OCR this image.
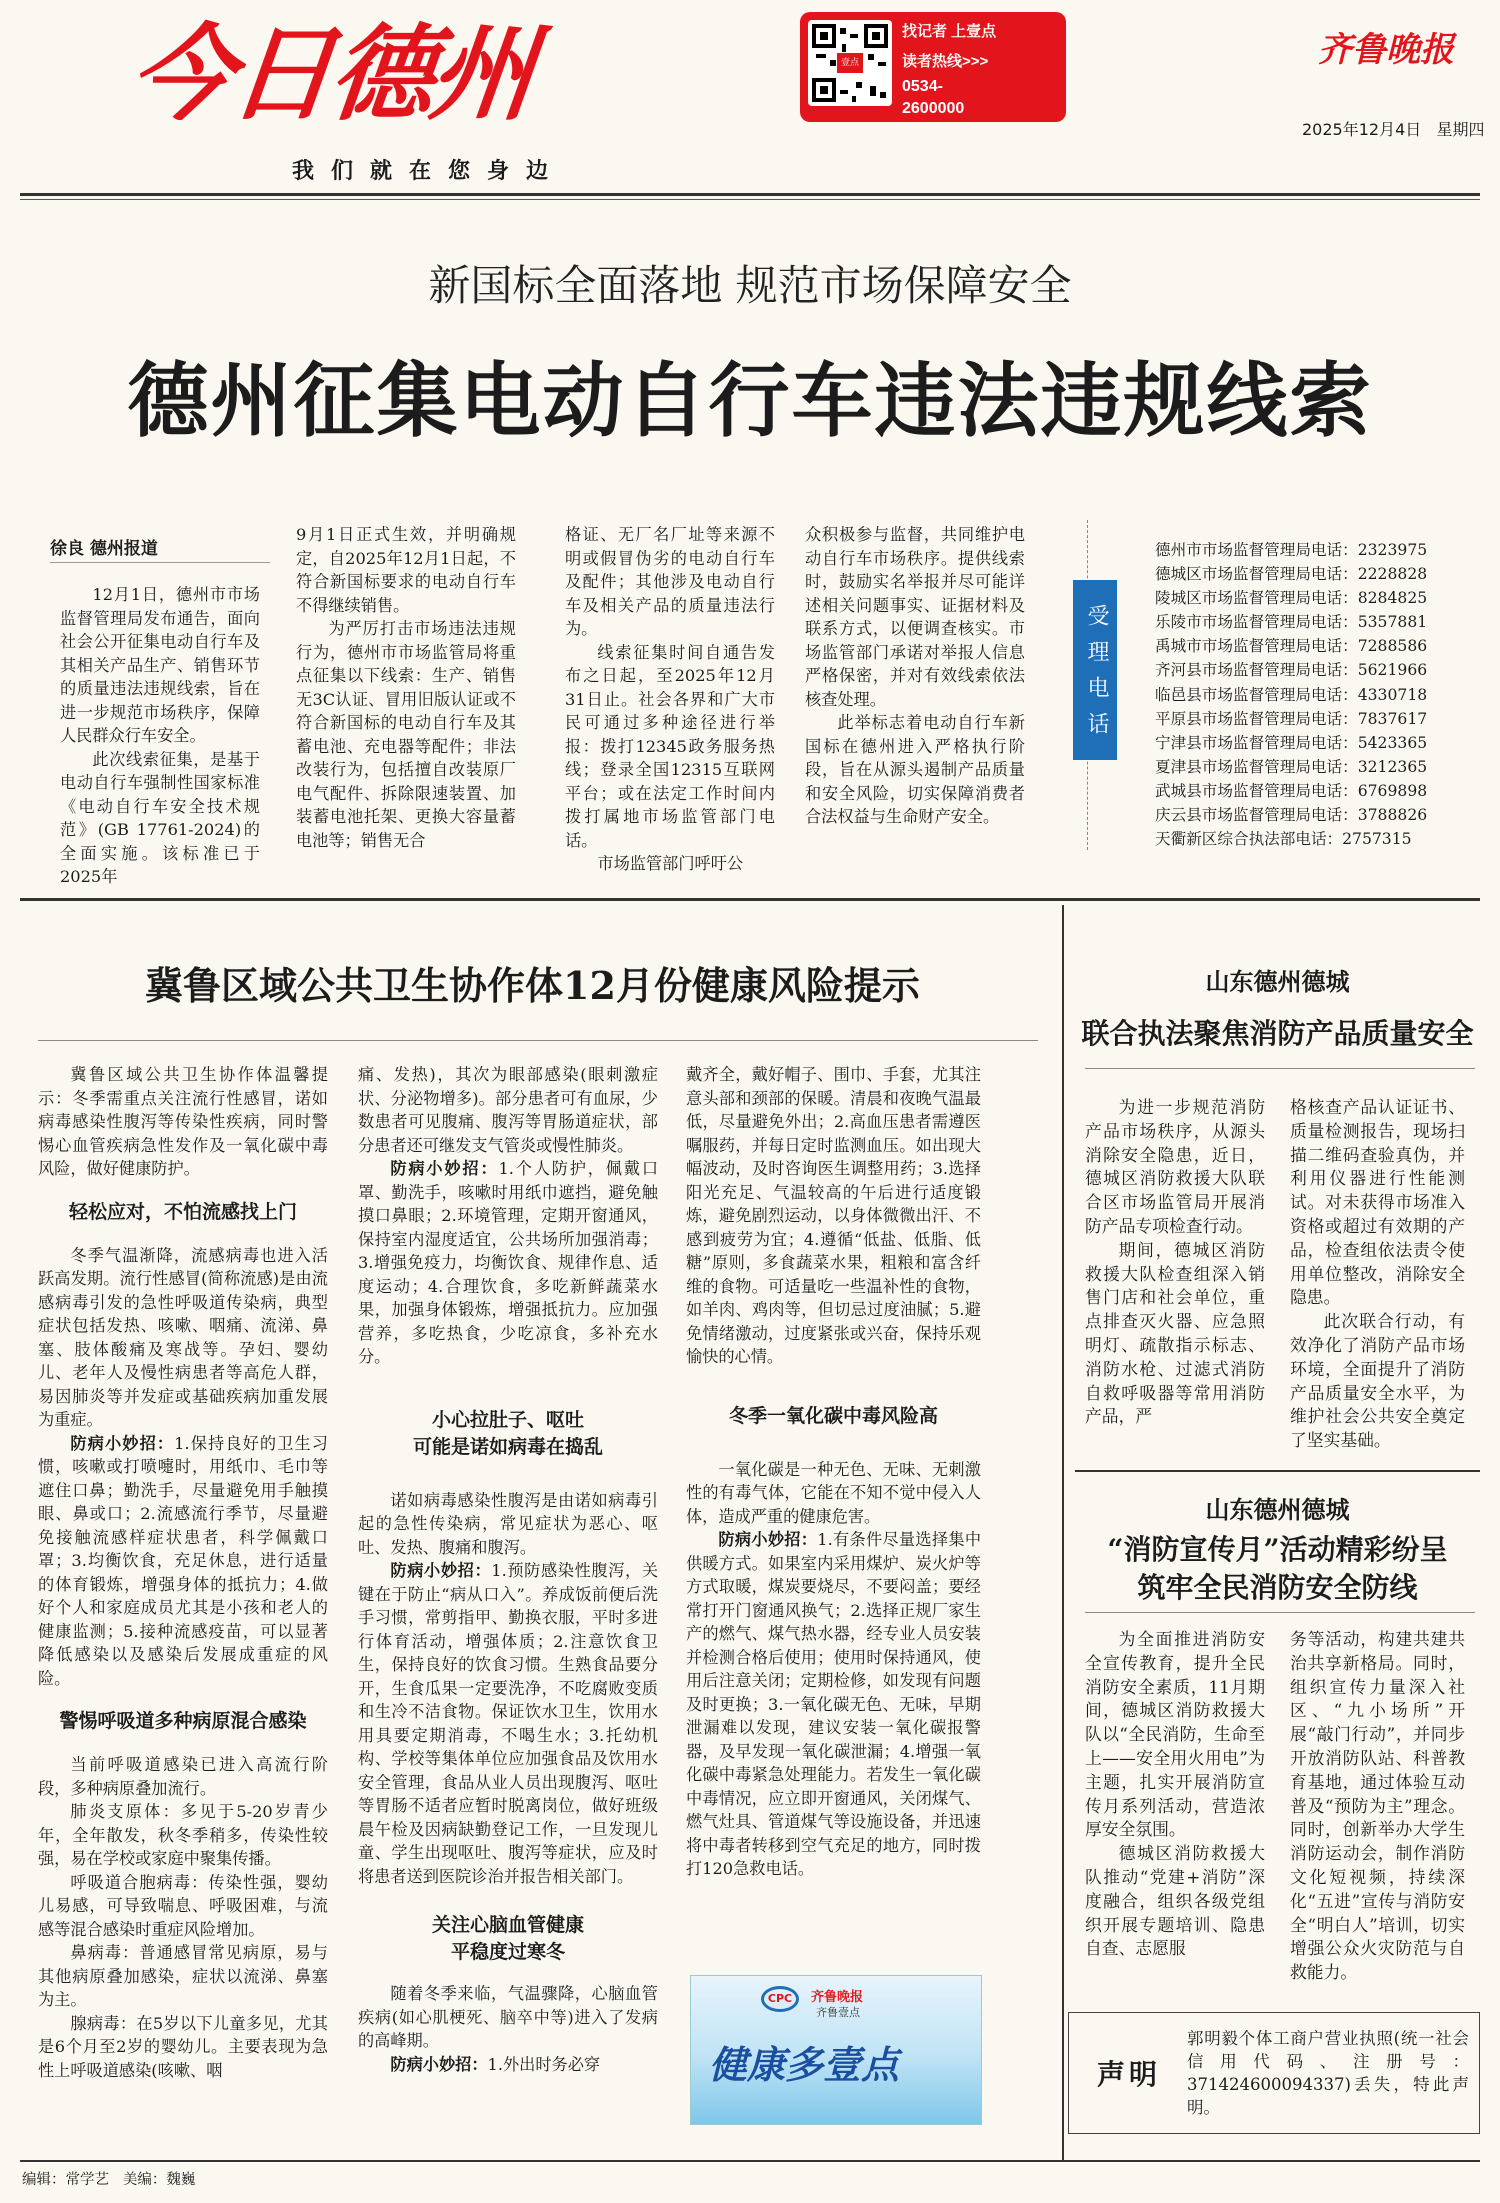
今日德州
我们就在您身边
壹点
找记者 上壹点
读者热线>>>
0534-2600000
齐鲁晚报
2025年12月4日 星期四
新国标全面落地 规范市场保障安全
德州征集电动自行车违法违规线索
徐良 德州报道

12月1日，德州市市场监督管理局发布通告，面向社会公开征集电动自行车及其相关产品生产、销售环节的质量违法违规线索，旨在进一步规范市场秩序，保障人民群众行车安全。

此次线索征集，是基于电动自行车强制性国家标准《电动自行车安全技术规范》(GB 17761-2024)的全面实施。该标准已于2025年

9月1日正式生效，并明确规定，自2025年12月1日起，不符合新国标要求的电动自行车不得继续销售。

为严厉打击市场违法违规行为，德州市市场监管局将重点征集以下线索：生产、销售无3C认证、冒用旧版认证或不符合新国标的电动自行车及其蓄电池、充电器等配件；非法改装行为，包括擅自改装原厂电气配件、拆除限速装置、加装蓄电池托架、更换大容量蓄电池等；销售无合

格证、无厂名厂址等来源不明或假冒伪劣的电动自行车及配件；其他涉及电动自行车及相关产品的质量违法行为。

线索征集时间自通告发布之日起，至2025年12月31日止。社会各界和广大市民可通过多种途径进行举报：拨打12345政务服务热线；登录全国12315互联网平台；或在法定工作时间内拨打属地市场监管部门电话。

市场监管部门呼吁公

众积极参与监督，共同维护电动自行车市场秩序。提供线索时，鼓励实名举报并尽可能详述相关问题事实、证据材料及联系方式，以便调查核实。市场监管部门承诺对举报人信息严格保密，并对有效线索依法核查处理。

此举标志着电动自行车新国标在德州进入严格执行阶段，旨在从源头遏制产品质量和安全风险，切实保障消费者合法权益与生命财产安全。

受理电话
德州市市场监督管理局电话：2323975
德城区市场监督管理局电话：2228828
陵城区市场监督管理局电话：8284825
乐陵市市场监督管理局电话：5357881
禹城市市场监督管理局电话：7288586
齐河县市场监督管理局电话：5621966
临邑县市场监督管理局电话：4330718
平原县市场监督管理局电话：7837617
宁津县市场监督管理局电话：5423365
夏津县市场监督管理局电话：3212365
武城县市场监督管理局电话：6769898
庆云县市场监督管理局电话：3788826
天衢新区综合执法部电话：2757315
冀鲁区域公共卫生协作体12月份健康风险提示

冀鲁区域公共卫生协作体温馨提示：冬季需重点关注流行性感冒，诺如病毒感染性腹泻等传染性疾病，同时警惕心血管疾病急性发作及一氧化碳中毒风险，做好健康防护。

轻松应对，不怕流感找上门

冬季气温渐降，流感病毒也进入活跃高发期。流行性感冒(简称流感)是由流感病毒引发的急性呼吸道传染病，典型症状包括发热、咳嗽、咽痛、流涕、鼻塞、肢体酸痛及寒战等。孕妇、婴幼儿、老年人及慢性病患者等高危人群，易因肺炎等并发症或基础疾病加重发展为重症。

防病小妙招：1.保持良好的卫生习惯，咳嗽或打喷嚏时，用纸巾、毛巾等遮住口鼻；勤洗手，尽量避免用手触摸眼、鼻或口；2.流感流行季节，尽量避免接触流感样症状患者，科学佩戴口罩；3.均衡饮食，充足休息，进行适量的体育锻炼，增强身体的抵抗力；4.做好个人和家庭成员尤其是小孩和老人的健康监测；5.接种流感疫苗，可以显著降低感染以及感染后发展成重症的风险。

警惕呼吸道多种病原混合感染

当前呼吸道感染已进入高流行阶段，多种病原叠加流行。

肺炎支原体：多见于5-20岁青少年，全年散发，秋冬季稍多，传染性较强，易在学校或家庭中聚集传播。

呼吸道合胞病毒：传染性强，婴幼儿易感，可导致喘息、呼吸困难，与流感等混合感染时重症风险增加。

鼻病毒：普通感冒常见病原，易与其他病原叠加感染，症状以流涕、鼻塞为主。

腺病毒：在5岁以下儿童多见，尤其是6个月至2岁的婴幼儿。主要表现为急性上呼吸道感染(咳嗽、咽

痛、发热)，其次为眼部感染(眼刺激症状、分泌物增多)。部分患者可有血尿，少数患者可见腹痛、腹泻等胃肠道症状，部分患者还可继发支气管炎或慢性肺炎。

防病小妙招：1.个人防护，佩戴口罩、勤洗手，咳嗽时用纸巾遮挡，避免触摸口鼻眼；2.环境管理，定期开窗通风，保持室内湿度适宜，公共场所加强消毒；3.增强免疫力，均衡饮食、规律作息、适度运动；4.合理饮食，多吃新鲜蔬菜水果，加强身体锻炼，增强抵抗力。应加强营养，多吃热食，少吃凉食，多补充水分。

小心拉肚子、呕吐
可能是诺如病毒在捣乱

诺如病毒感染性腹泻是由诺如病毒引起的急性传染病，常见症状为恶心、呕吐、发热、腹痛和腹泻。

防病小妙招：1.预防感染性腹泻，关键在于防止“病从口入”。养成饭前便后洗手习惯，常剪指甲、勤换衣服，平时多进行体育活动，增强体质；2.注意饮食卫生，保持良好的饮食习惯。生熟食品要分开，生食瓜果一定要洗净，不吃腐败变质和生冷不洁食物。保证饮水卫生，饮用水用具要定期消毒，不喝生水；3.托幼机构、学校等集体单位应加强食品及饮用水安全管理，食品从业人员出现腹泻、呕吐等胃肠不适者应暂时脱离岗位，做好班级晨午检及因病缺勤登记工作，一旦发现儿童、学生出现呕吐、腹泻等症状，应及时将患者送到医院诊治并报告相关部门。

关注心脑血管健康
平稳度过寒冬

随着冬季来临，气温骤降，心脑血管疾病(如心肌梗死、脑卒中等)进入了发病的高峰期。

防病小妙招：1.外出时务必穿

戴齐全，戴好帽子、围巾、手套，尤其注意头部和颈部的保暖。清晨和夜晚气温最低，尽量避免外出；2.高血压患者需遵医嘱服药，并每日定时监测血压。如出现大幅波动，及时咨询医生调整用药；3.选择阳光充足、气温较高的午后进行适度锻炼，避免剧烈运动，以身体微微出汗、不感到疲劳为宜；4.遵循“低盐、低脂、低糖”原则，多食蔬菜水果，粗粮和富含纤维的食物。可适量吃一些温补性的食物，如羊肉、鸡肉等，但切忌过度油腻；5.避免情绪激动，过度紧张或兴奋，保持乐观愉快的心情。

冬季一氧化碳中毒风险高

一氧化碳是一种无色、无味、无刺激性的有毒气体，它能在不知不觉中侵入人体，造成严重的健康危害。

防病小妙招：1.有条件尽量选择集中供暖方式。如果室内采用煤炉、炭火炉等方式取暖，煤炭要烧尽，不要闷盖；要经常打开门窗通风换气；2.选择正规厂家生产的燃气、煤气热水器，经专业人员安装并检测合格后使用；使用时保持通风，使用后注意关闭；定期检修，如发现有问题及时更换；3.一氧化碳无色、无味，早期泄漏难以发现，建议安装一氧化碳报警器，及早发现一氧化碳泄漏；4.增强一氧化碳中毒紧急处理能力。若发生一氧化碳中毒情况，应立即开窗通风，关闭煤气、燃气灶具、管道煤气等设施设备，并迅速将中毒者转移到空气充足的地方，同时拨打120急救电话。

CPC	齐鲁晚报
齐鲁壹点
健康多壹点
山东德州德城
联合执法聚焦消防产品质量安全

为进一步规范消防产品市场秩序，从源头消除安全隐患，近日，德城区消防救援大队联合区市场监管局开展消防产品专项检查行动。

期间，德城区消防救援大队检查组深入销售门店和社会单位，重点排查灭火器、应急照明灯、疏散指示标志、消防水枪、过滤式消防自救呼吸器等常用消防产品，严

格核查产品认证证书、质量检测报告，现场扫描二维码查验真伪，并利用仪器进行性能测试。对未获得市场准入资格或超过有效期的产品，检查组依法责令使用单位整改，消除安全隐患。

此次联合行动，有效净化了消防产品市场环境，全面提升了消防产品质量安全水平，为维护社会公共安全奠定了坚实基础。

山东德州德城
“消防宣传月”活动精彩纷呈
筑牢全民消防安全防线

为全面推进消防安全宣传教育，提升全民消防安全素质，11月期间，德城区消防救援大队以“全民消防，生命至上——安全用火用电”为主题，扎实开展消防宣传月系列活动，营造浓厚安全氛围。

德城区消防救援大队推动“党建+消防”深度融合，组织各级党组织开展专题培训、隐患自查、志愿服

务等活动，构建共建共治共享新格局。同时，组织宣传力量深入社区、“九小场所”开展“敲门行动”，并同步开放消防队站、科普教育基地，通过体验互动普及“预防为主”理念。同时，创新举办大学生消防运动会，制作消防文化短视频，持续深化“五进”宣传与消防安全“明白人”培训，切实增强公众火灾防范与自救能力。

声明
郭明毅个体工商户营业执照(统一社会信用代码、注册号：371424600094337)丢失，特此声明。
编辑：常学艺 美编：魏巍
